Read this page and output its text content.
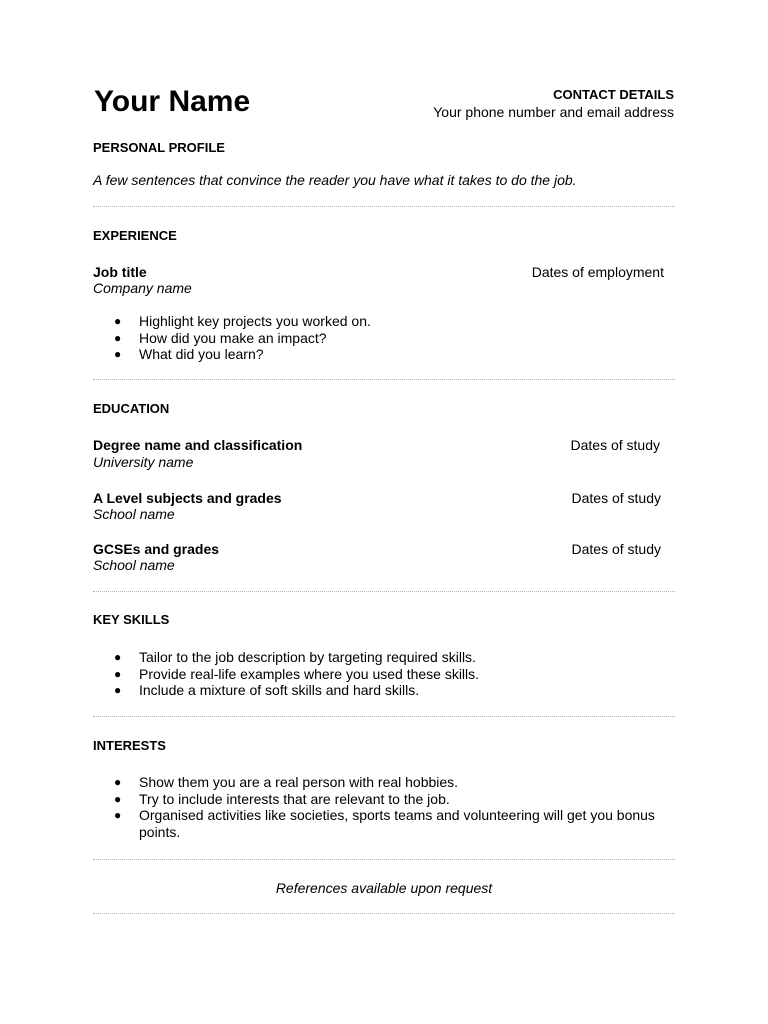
Your Name	CONTACT DETAILS
Your phone number and email address
PERSONAL PROFILE
A few sentences that convince the reader you have what it takes to do the job.
EXPERIENCE
Job title	Dates of employment
Company name
● Highlight key projects you worked on.
● How did you make an impact?
● What did you learn?
EDUCATION
Degree name and classification	Dates of study
University name
A Level subjects and grades	Dates of study
School name
GCSEs and grades	Dates of study
School name
KEY SKILLS
● Tailor to the job description by targeting required skills.
● Provide real-life examples where you used these skills.
● Include a mixture of soft skills and hard skills.
INTERESTS
● Show them you are a real person with real hobbies.
● Try to include interests that are relevant to the job.
● Organised activities like societies, sports teams and volunteering will get you bonus points.
References available upon request
